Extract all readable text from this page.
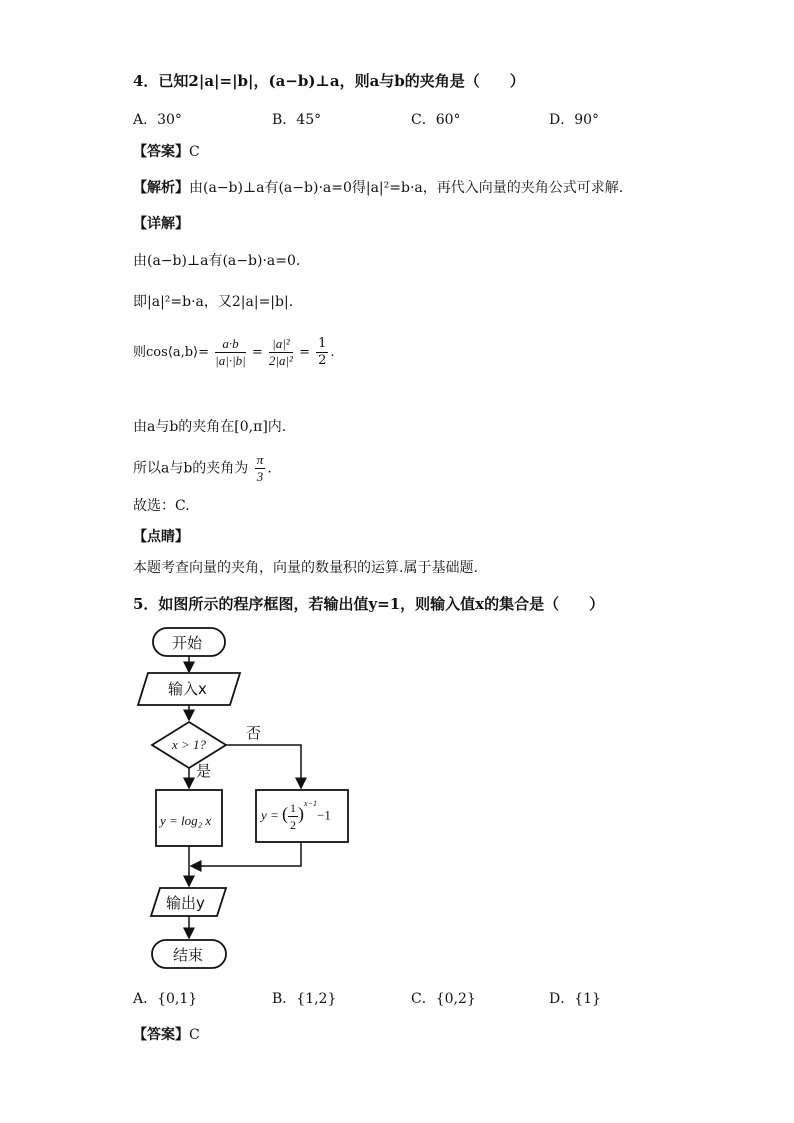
4．已知2|a|=|b|，(a−b)⊥a，则a与b的夹角是（　　）
A．30°	B．45°	C．60°	D．90°
【答案】C
【解析】由(a−b)⊥a有(a−b)·a=0得|a|²=b·a，再代入向量的夹角公式可求解.
【详解】
由(a−b)⊥a有(a−b)·a=0.
即|a|²=b·a，又2|a|=|b|.
则cos⟨a,b⟩= $\frac{a\cdot b}{|a|\cdot|b|} = \frac{\text{|a|²}}{\text{2|a|²}} = \frac{1}{2}$ .
由a与b的夹角在[0,π]内.
所以a与b的夹角为 $\frac{\pi}{3}$ .
故选：C.
【点睛】
本题考查向量的夹角，向量的数量积的运算.属于基础题.
5．如图所示的程序框图，若输出值y=1，则输入值x的集合是（　　）
开始
输入x
x > 1?
否
是
y = log₂ x	y = ( $\frac{1}{2} )^{x-1}-1$
输出y
结束
A．{0,1}	B．{1,2}	C．{0,2}	D．{1}
【答案】C
